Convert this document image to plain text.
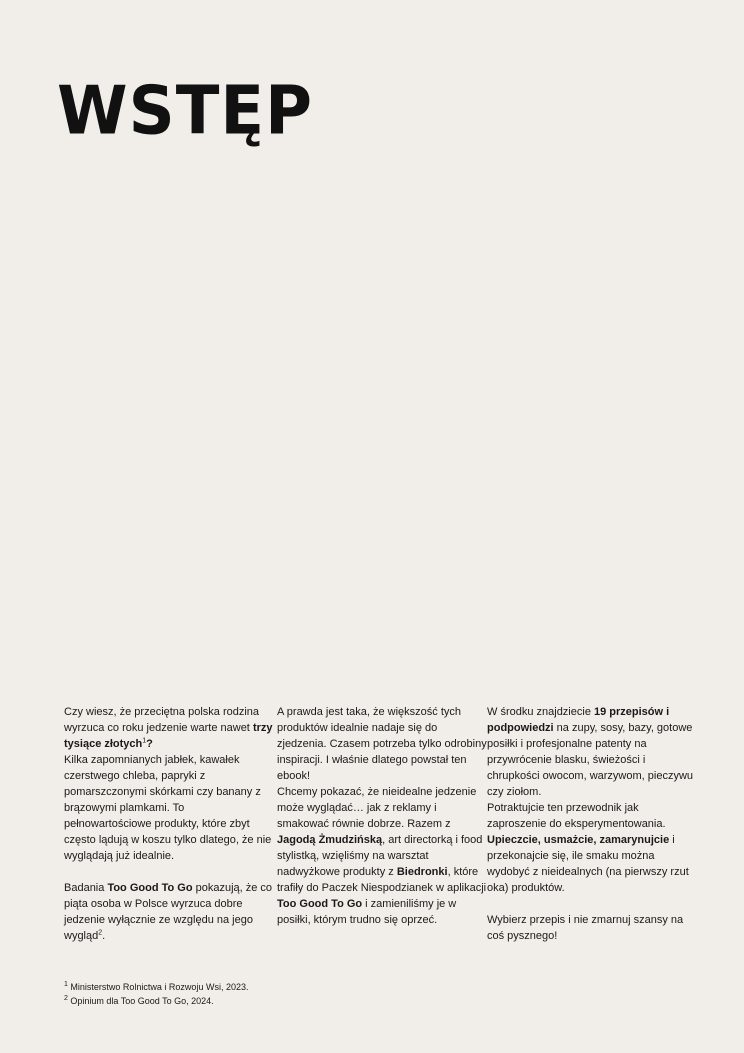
WSTĘP

Czy wiesz, że przeciętna polska rodzina wyrzuca co roku jedzenie warte nawet trzy tysiące złotych$^1$?

Kilka zapomnianych jabłek, kawałek czerstwego chleba, papryki z pomarszczonymi skórkami czy banany z brązowymi plamkami. To pełnowartościowe produkty, które zbyt często lądują w koszu tylko dlatego, że nie wyglądają już idealnie.

Badania Too Good To Go pokazują, że co piąta osoba w Polsce wyrzuca dobre jedzenie wyłącznie ze względu na jego wygląd$^2$.

A prawda jest taka, że większość tych produktów idealnie nadaje się do zjedzenia. Czasem potrzeba tylko odrobiny inspiracji. I właśnie dlatego powstał ten ebook!

Chcemy pokazać, że nieidealne jedzenie może wyglądać… jak z reklamy i smakować równie dobrze. Razem z Jagodą Żmudzińską, art directorką i food stylistką, wzięliśmy na warsztat nadwyżkowe produkty z Biedronki, które trafiły do Paczek Niespodzianek w aplikacji Too Good To Go i zamieniliśmy je w posiłki, którym trudno się oprzeć.

W środku znajdziecie 19 przepisów i podpowiedzi na zupy, sosy, bazy, gotowe posiłki i profesjonalne patenty na przywrócenie blasku, świeżości i chrupkości owocom, warzywom, pieczywu czy ziołom.

Potraktujcie ten przewodnik jak zaproszenie do eksperymentowania.

Upieczcie, usmażcie, zamarynujcie i przekonajcie się, ile smaku można wydobyć z nieidealnych (na pierwszy rzut oka) produktów.

Wybierz przepis i nie zmarnuj szansy na coś pysznego!

$^1$ Ministerstwo Rolnictwa i Rozwoju Wsi, 2023.
$^2$ Opinium dla Too Good To Go, 2024.
